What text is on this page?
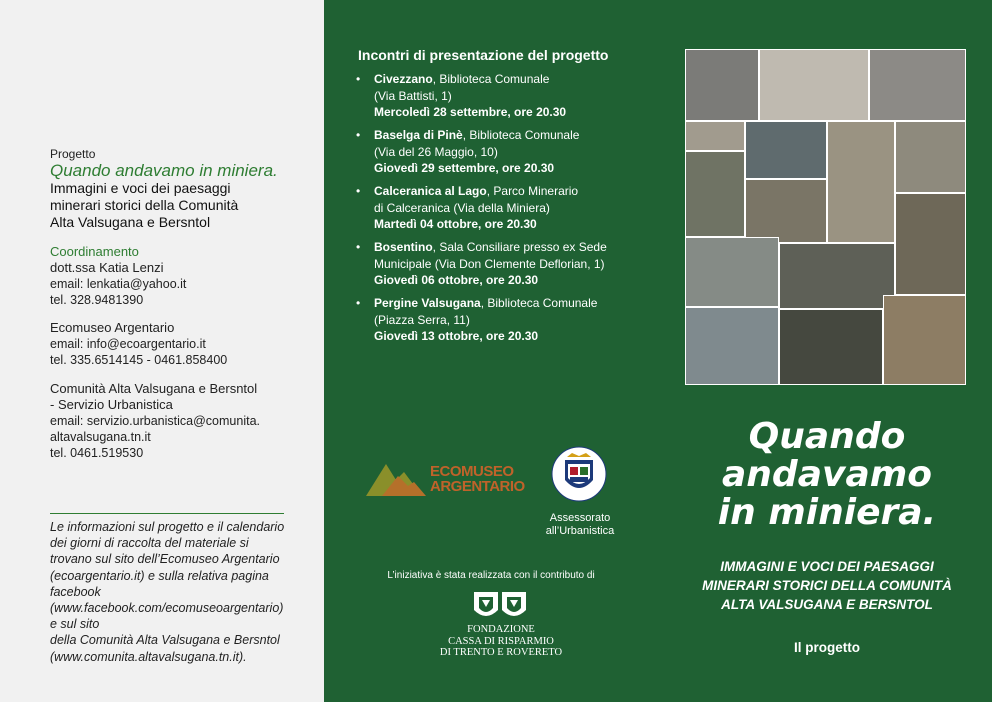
Progetto
Quando andavamo in miniera.
Immagini e voci dei paesaggi
minerari storici della Comunità
Alta Valsugana e Bersntol
Coordinamento
dott.ssa Katia Lenzi
email: lenkatia@yahoo.it
tel. 328.9481390
Ecomuseo Argentario
email: info@ecoargentario.it
tel. 335.6514145 - 0461.858400
Comunità Alta Valsugana e Bersntol
- Servizio Urbanistica
email: servizio.urbanistica@comunita.
altavalsugana.tn.it
tel. 0461.519530
Le informazioni sul progetto e il calendario
dei giorni di raccolta del materiale si
trovano sul sito dell’Ecomuseo Argentario
(ecoargentario.it) e sulla relativa pagina
facebook
(www.facebook.com/ecomuseoargentario)
e sul sito
della Comunità Alta Valsugana e Bersntol
(www.comunita.altavalsugana.tn.it).
Incontri di presentazione del progetto
• Civezzano, Biblioteca Comunale
(Via Battisti, 1)
Mercoledì 28 settembre, ore 20.30
• Baselga di Pinè, Biblioteca Comunale
(Via del 26 Maggio, 10)
Giovedì 29 settembre, ore 20.30
• Calceranica al Lago, Parco Minerario
di Calceranica (Via della Miniera)
Martedì 04 ottobre, ore 20.30
• Bosentino, Sala Consiliare presso ex Sede
Municipale (Via Don Clemente Deflorian, 1)
Giovedì 06 ottobre, ore 20.30
• Pergine Valsugana, Biblioteca Comunale
(Piazza Serra, 11)
Giovedì 13 ottobre, ore 20.30
ECOMUSEO
ARGENTARIO
Assessorato
all’Urbanistica
L’iniziativa è stata realizzata con il contributo di
FONDAZIONE
CASSA DI RISPARMIO
DI TRENTO E ROVERETO
Quando
andavamo
in miniera.
IMMAGINI E VOCI DEI PAESAGGI
MINERARI STORICI DELLA COMUNITÀ
ALTA VALSUGANA E BERSNTOL
Il progetto
